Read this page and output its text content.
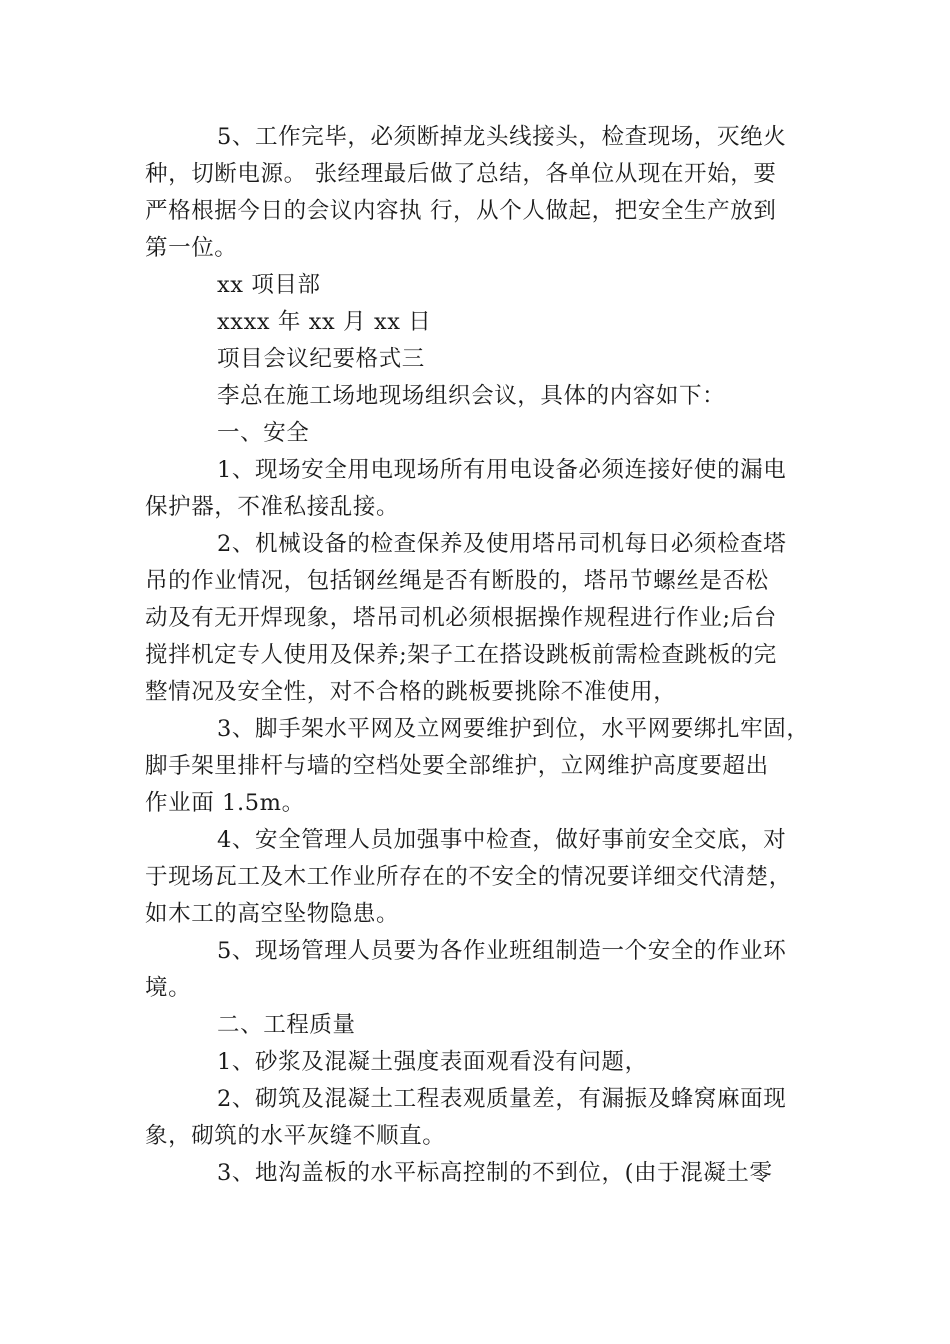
5、工作完毕，必须断掉龙头线接头，检查现场，灭绝火
种，切断电源。 张经理最后做了总结，各单位从现在开始，要
严格根据今日的会议内容执 行，从个人做起，把安全生产放到
第一位。
xx 项目部
xxxx 年 xx 月 xx 日
项目会议纪要格式三
李总在施工场地现场组织会议，具体的内容如下：
一、安全
1、现场安全用电现场所有用电设备必须连接好使的漏电
保护器，不准私接乱接。
2、机械设备的检查保养及使用塔吊司机每日必须检查塔
吊的作业情况，包括钢丝绳是否有断股的，塔吊节螺丝是否松
动及有无开焊现象，塔吊司机必须根据操作规程进行作业;后台
搅拌机定专人使用及保养;架子工在搭设跳板前需检查跳板的完
整情况及安全性，对不合格的跳板要挑除不准使用，
3、脚手架水平网及立网要维护到位，水平网要绑扎牢固，
脚手架里排杆与墙的空档处要全部维护，立网维护高度要超出
作业面 1.5m。
4、安全管理人员加强事中检查，做好事前安全交底，对
于现场瓦工及木工作业所存在的不安全的情况要详细交代清楚，
如木工的高空坠物隐患。
5、现场管理人员要为各作业班组制造一个安全的作业环
境。
二、工程质量
1、砂浆及混凝土强度表面观看没有问题，
2、砌筑及混凝土工程表观质量差，有漏振及蜂窝麻面现
象，砌筑的水平灰缝不顺直。
3、地沟盖板的水平标高控制的不到位，(由于混凝土零
